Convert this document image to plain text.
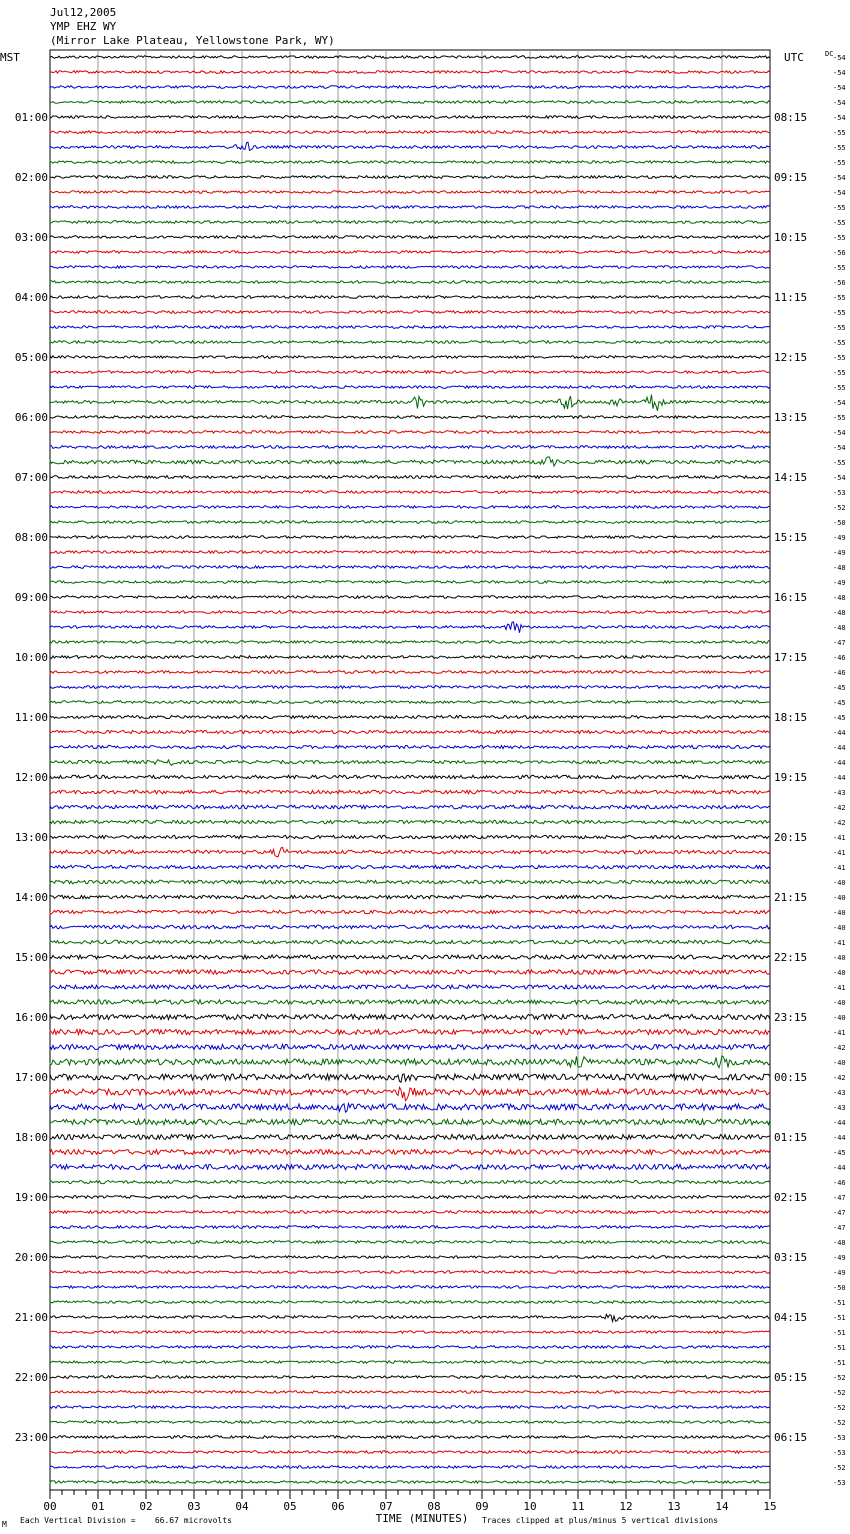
Jul12,2005
YMP EHZ WY
(Mirror Lake Plateau, Yellowstone Park, WY)
-54
-54
-54
-54
-54
-55
-55
-55
-54
-54
-55
-55
-55
-56
-55
-56
-55
-55
-55
-55
-55
-55
-55
-54
-55
-54
-54
-55
-54
-53
-52
-50
-49
-49
-48
-49
-48
-48
-48
-47
-46
-46
-45
-45
-45
-44
-44
-44
-44
-43
-42
-42
-41
-41
-41
-40
-40
-40
-40
-41
-40
-40
-41
-40
-40
-41
-42
-40
-42
-43
-43
-44
-44
-45
-44
-46
-47
-47
-47
-48
-49
-49
-50
-51
-51
-51
-51
-51
-52
-52
-52
-52
-53
-53
-52
-53
DC
MST	UTC
01:00
02:00
03:00
04:00
05:00
06:00
07:00
08:00
09:00
10:00
11:00
12:00
13:00
14:00
15:00
16:00
17:00
18:00
19:00
20:00
21:00
22:00
23:00
08:15
09:15
10:15
11:15
12:15
13:15
14:15
15:15
16:15
17:15
18:15
19:15
20:15
21:15
22:15
23:15
00:15
01:15
02:15
03:15
04:15
05:15
06:15
00	01	02	03	04	05	06	07	08	09	10	11	12	13	14	15
TIME (MINUTES)
M Each Vertical Division =    66.67 microvolts	Traces clipped at plus/minus 5 vertical divisions
